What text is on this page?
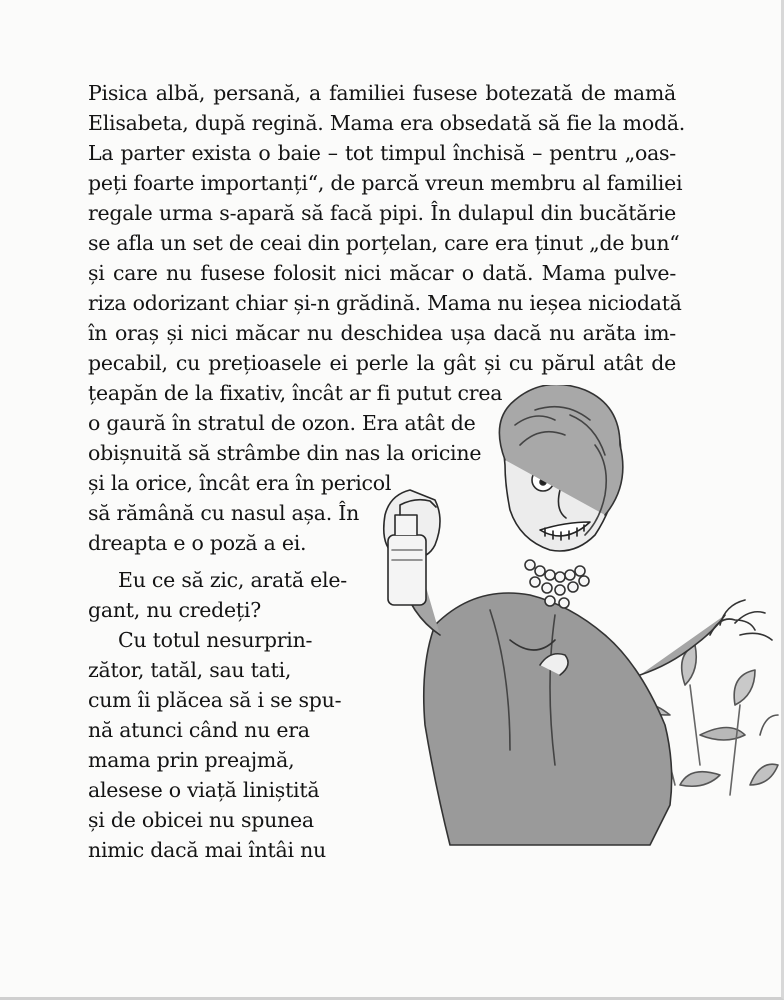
Pisica albă, persană, a familiei fusese botezată de mamă
Elisabeta, după regină. Mama era obsedată să fie la modă.
La parter exista o baie – tot timpul închisă – pentru „oas-
peți foarte importanți“, de parcă vreun membru al familiei
regale urma s-apară să facă pipi. În dulapul din bucătărie
se afla un set de ceai din porțelan, care era ținut „de bun“
și care nu fusese folosit nici măcar o dată. Mama pulve-
riza odorizant chiar și-n grădină. Mama nu ieșea niciodată
în oraș și nici măcar nu deschidea ușa dacă nu arăta im-
pecabil, cu prețioasele ei perle la gât și cu părul atât de
țeapăn de la fixativ, încât ar fi putut crea
o gaură în stratul de ozon. Era atât de
obișnuită să strâmbe din nas la oricine
și la orice, încât era în pericol
să rămână cu nasul așa. În
dreapta e o poză a ei.
Eu ce să zic, arată ele-
gant, nu credeți?
Cu totul nesurprin-
zător, tatăl, sau tati,
cum îi plăcea să i se spu-
nă atunci când nu era
mama prin preajmă,
alesese o viață liniștită
și de obicei nu spunea
nimic dacă mai întâi nu
